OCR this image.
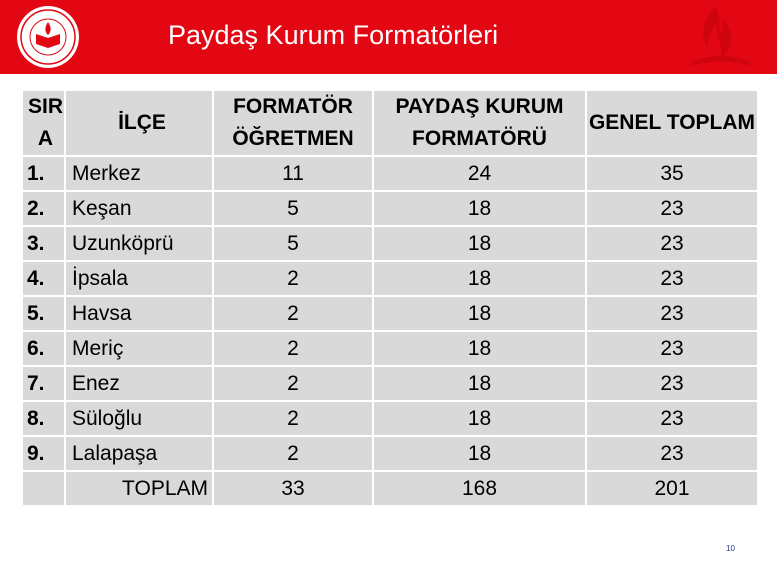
Paydaş Kurum Formatörleri
SIR A	İLÇE	FORMATÖR ÖĞRETMEN	PAYDAŞ KURUM FORMATÖRÜ	GENEL TOPLAM
1.	Merkez	11	24	35
2.	Keşan	5	18	23
3.	Uzunköprü	5	18	23
4.	İpsala	2	18	23
5.	Havsa	2	18	23
6.	Meriç	2	18	23
7.	Enez	2	18	23
8.	Süloğlu	2	18	23
9.	Lalapaşa	2	18	23
	TOPLAM	33	168	201
10
